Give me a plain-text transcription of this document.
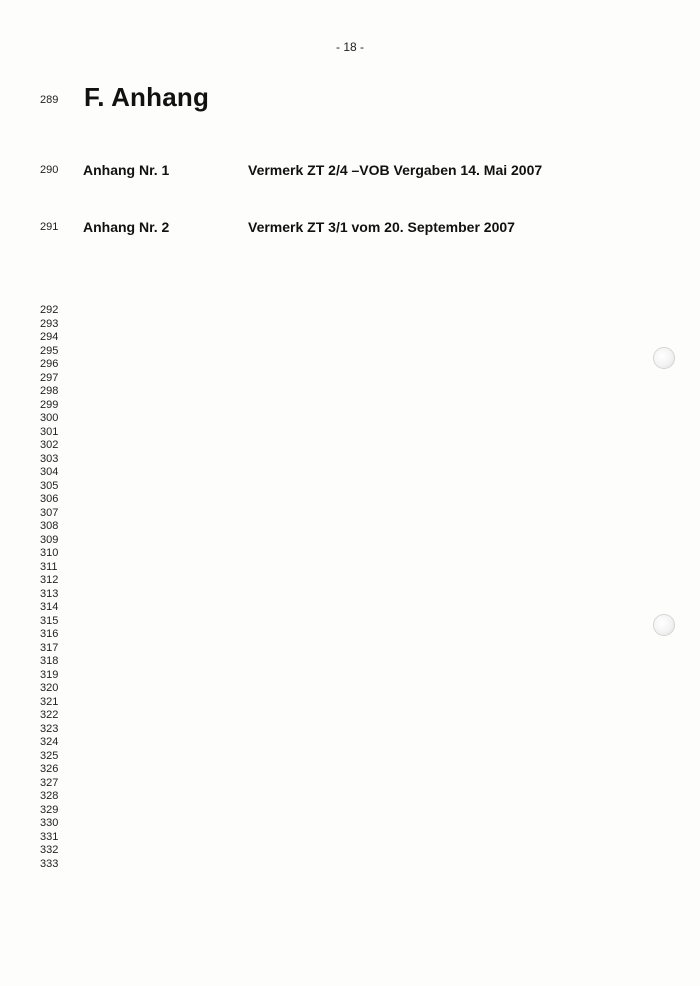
- 18 -
289 F. Anhang
290 Anhang Nr. 1	Vermerk ZT 2/4 –VOB Vergaben 14. Mai 2007
291 Anhang Nr. 2	Vermerk ZT 3/1 vom 20. September 2007
292
293
294
295
296
297
298
299
300
301
302
303
304
305
306
307
308
309
310
311
312
313
314
315
316
317
318
319
320
321
322
323
324
325
326
327
328
329
330
331
332
333
